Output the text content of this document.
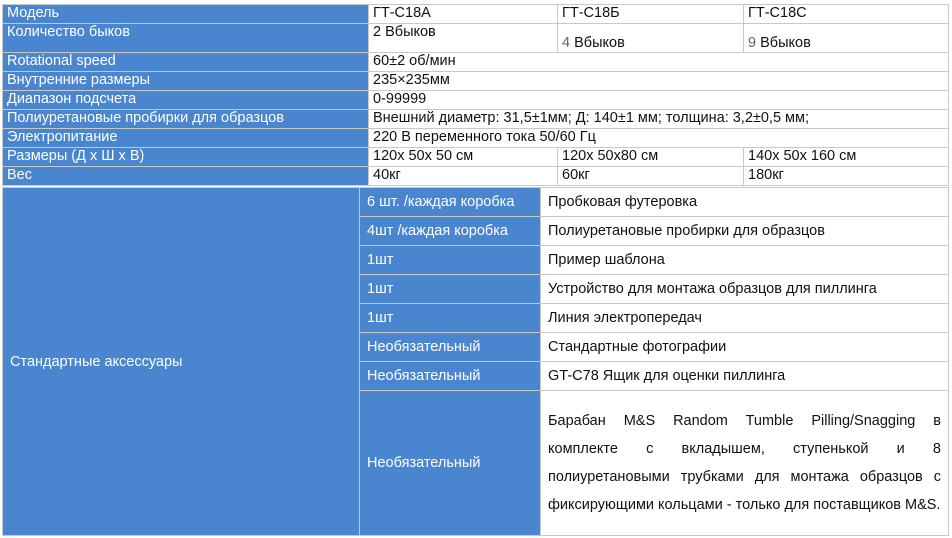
Модель	ГТ-C18А	ГТ-C18Б	ГТ-C18C
Количество быков	2 Вбыков	4 Вбыков	9 Вбыков
Rotational speed	60±2 об/мин		
Внутренние размеры	235×235мм		
Диапазон подсчета	0-99999		
Полиуретановые пробирки для образцов	Внешний диаметр: 31,5±1мм; Д: 140±1 мм; толщина: 3,2±0,5 мм;		
Электропитание	220 В переменного тока 50/60 Гц		
Размеры (Д х Ш х В)	120x 50x 50 см	120x 50x80 см	140x 50x 160 см
Вес	40кг	60кг	180кг
Стандартные аксессуары	6 шт. /каждая коробка	Пробковая футеровка
	4шт /каждая коробка	Полиуретановые пробирки для образцов
	1шт	Пример шаблона
	1шт	Устройство для монтажа образцов для пиллинга
	1шт	Линия электропередач
	Необязательный	Стандартные фотографии
	Необязательный	GT-C78 Ящик для оценки пиллинга
	Необязательный	Барабан M&S Random Tumble Pilling/Snagging в комплекте с вкладышем, ступенькой и 8 полиуретановыми трубками для монтажа образцов с фиксирующими кольцами - только для поставщиков M&S.
